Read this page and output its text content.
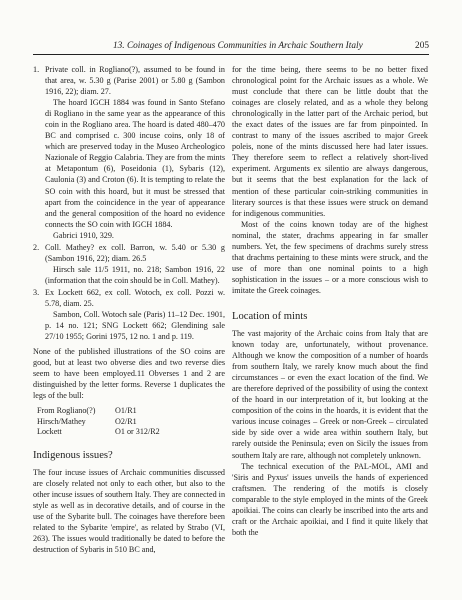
13. Coinages of Indigenous Communities in Archaic Southern Italy	205
1. Private coll. in Rogliano(?), assumed to be found in that area, w. 5.30 g (Parise 2001) or 5.80 g (Sambon 1916, 22); diam. 27.

The hoard IGCH 1884 was found in Santo Stefano di Rogliano in the same year as the appearance of this coin in the Rogliano area. The hoard is dated 480–470 BC and comprised c. 300 incuse coins, only 18 of which are preserved today in the Museo Archeologico Nazionale of Reggio Calabria. They are from the mints at Metapontum (6), Poseidonia (1), Sybaris (12), Caulonia (3) and Croton (6). It is tempting to relate the SO coin with this hoard, but it must be stressed that apart from the coincidence in the year of appearance and the general composition of the hoard no evidence connects the SO coin with IGCH 1884.

Gabrici 1910, 329.

2. Coll. Mathey? ex coll. Barron, w. 5.40 or 5.30 g (Sambon 1916, 22); diam. 26.5

Hirsch sale 11/5 1911, no. 218; Sambon 1916, 22 (information that the coin should be in Coll. Mathey).

3. Ex Lockett 662, ex coll. Wotoch, ex coll. Pozzi w. 5.78, diam. 25.

Sambon, Coll. Wotoch sale (Paris) 11–12 Dec. 1901, p. 14 no. 121; SNG Lockett 662; Glendining sale 27/10 1955; Gorini 1975, 12 no. 1 and p. 119.

None of the published illustrations of the SO coins are good, but at least two obverse dies and two reverse dies seem to have been employed.11 Obverses 1 and 2 are distinguished by the letter forms. Reverse 1 duplicates the legs of the bull:

From Rogliano(?)	O1/R1
Hirsch/Mathey	O2/R1
Lockett	O1 or 312/R2
Indigenous issues?

The four incuse issues of Archaic communities discussed are closely related not only to each other, but also to the other incuse issues of southern Italy. They are connected in style as well as in decorative details, and of course in the use of the Sybarite bull. The coinages have therefore been related to the Sybarite 'empire', as related by Strabo (VI, 263). The issues would traditionally be dated to before the destruction of Sybaris in 510 BC and,

for the time being, there seems to be no better fixed chronological point for the Archaic issues as a whole. We must conclude that there can be little doubt that the coinages are closely related, and as a whole they belong chronologically in the latter part of the Archaic period, but the exact dates of the issues are far from pinpointed. In contrast to many of the issues ascribed to major Greek poleis, none of the mints discussed here had later issues. They therefore seem to reflect a relatively short-lived experiment. Arguments ex silentio are always dangerous, but it seems that the best explanation for the lack of mention of these particular coin-striking communities in literary sources is that these issues were struck on demand for indigenous communities.

Most of the coins known today are of the highest nominal, the stater, drachms appearing in far smaller numbers. Yet, the few specimens of drachms surely stress that drachms pertaining to these mints were struck, and the use of more than one nominal points to a high sophistication in the issues – or a more conscious wish to imitate the Greek coinages.

Location of mints

The vast majority of the Archaic coins from Italy that are known today are, unfortunately, without provenance. Although we know the composition of a number of hoards from southern Italy, we rarely know much about the find circumstances – or even the exact location of the find. We are therefore deprived of the possibility of using the context of the hoard in our interpretation of it, but looking at the composition of the coins in the hoards, it is evident that the various incuse coinages – Greek or non-Greek – circulated side by side over a wide area within southern Italy, but rarely outside the Peninsula; even on Sicily the issues from southern Italy are rare, although not completely unknown.

The technical execution of the PAL-MOL, AMI and 'Siris and Pyxus' issues unveils the hands of experienced craftsmen. The rendering of the motifs is closely comparable to the style employed in the mints of the Greek apoikiai. The coins can clearly be inscribed into the arts and craft or the Archaic apoikiai, and I find it quite likely that both the
